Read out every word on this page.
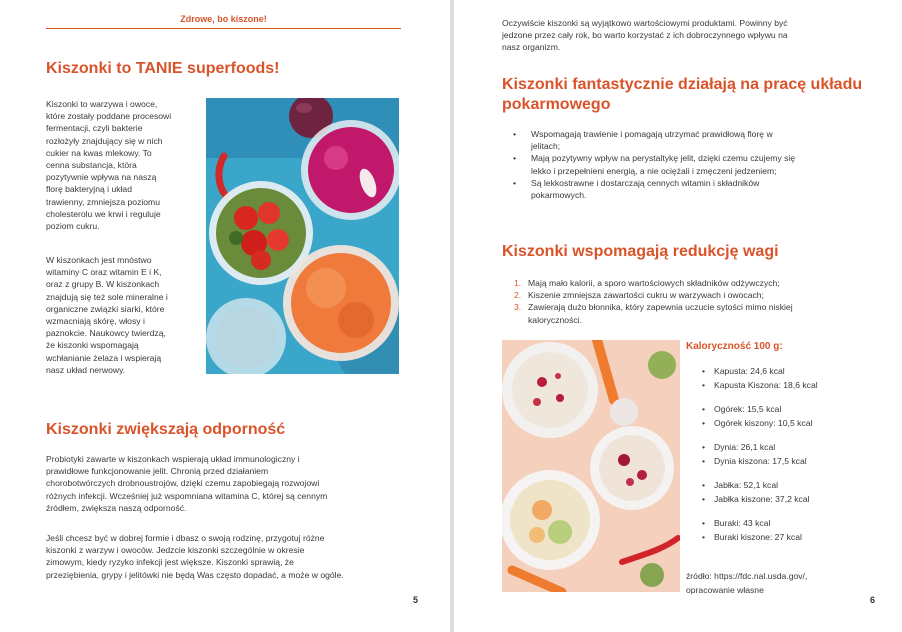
Zdrowe, bo kiszone!
Kiszonki to TANIE superfoods!

Kiszonki to warzywa i owoce,
które zostały poddane procesowi
fermentacji, czyli bakterie
rozłożyły znajdujący się w nich
cukier na kwas mlekowy. To
cenna substancja, która
pozytywnie wpływa na naszą
florę bakteryjną i układ
trawienny, zmniejsza poziomu
cholesterolu we krwi i reguluje
poziom cukru.

W kiszonkach jest mnóstwo
witaminy C oraz witamin E i K,
oraz z grupy B. W kiszonkach
znajdują się też sole mineralne i
organiczne związki siarki, które
wzmacniają skórę, włosy i
paznokcie. Naukowcy twierdzą,
że kiszonki wspomagają
wchłanianie żelaza i wspierają
nasz układ nerwowy.

Kiszonki zwiększają odporność

Probiotyki zawarte w kiszonkach wspierają układ immunologiczny i
prawidłowe funkcjonowanie jelit. Chronią przed działaniem
chorobotwórczych drobnoustrojów, dzięki czemu zapobiegają rozwojowi
różnych infekcji. Wcześniej już wspomniana witamina C, której są cennym
źródłem, zwiększa naszą odporność.

Jeśli chcesz być w dobrej formie i dbasz o swoją rodzinę, przygotuj różne
kiszonki z warzyw i owoców. Jedzcie kiszonki szczególnie w okresie
zimowym, kiedy ryzyko infekcji jest większe. Kiszonki sprawią, że
przeziębienia, grypy i jelitówki nie będą Was często dopadać, a może w ogóle.

5

Oczywiście kiszonki są wyjątkowo wartościowymi produktami. Powinny być
jedzone przez cały rok, bo warto korzystać z ich dobroczynnego wpływu na
nasz organizm.

Kiszonki fantastycznie działają na pracę układu
pokarmowego
• Wspomagają trawienie i pomagają utrzymać prawidłową florę w
jelitach;
• Mają pozytywny wpływ na perystaltykę jelit, dzięki czemu czujemy się
lekko i przepełnieni energią, a nie ociężali i zmęczeni jedzeniem;
• Są lekkostrawne i dostarczają cennych witamin i składników
pokarmowych.
Kiszonki wspomagają redukcję wagi
1. Mają mało kalorii, a sporo wartościowych składników odżywczych;
2. Kiszenie zmniejsza zawartości cukru w warzywach i owocach;
3. Zawierają dużo błonnika, który zapewnia uczucie sytości mimo niskiej
kaloryczności.
Kaloryczność 100 g:
• Kapusta: 24,6 kcal
• Kapusta Kiszona: 18,6 kcal
• Ogórek: 15,5 kcal
• Ogórek kiszony: 10,5 kcal
• Dynia: 26,1 kcal
• Dynia kiszona: 17,5 kcal
• Jabłka: 52,1 kcal
• Jabłka kiszone: 37,2 kcal
• Buraki: 43 kcal
• Buraki kiszone: 27 kcal
źródło: https://fdc.nal.usda.gov/,
opracowanie własne
6
